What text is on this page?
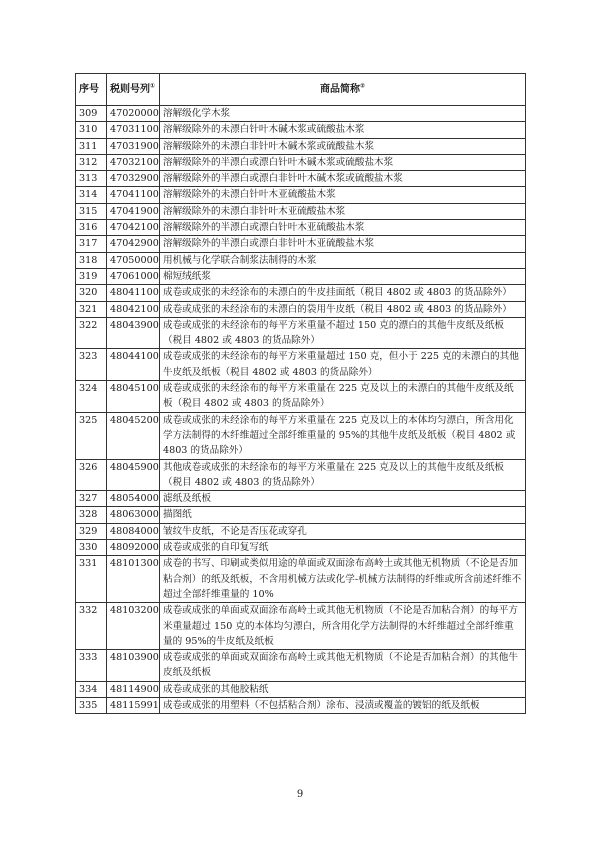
序号	税则号列①	商品简称②
309	47020000	溶解级化学木浆
310	47031100	溶解级除外的未漂白针叶木碱木浆或硫酸盐木浆
311	47031900	溶解级除外的未漂白非针叶木碱木浆或硫酸盐木浆
312	47032100	溶解级除外的半漂白或漂白针叶木碱木浆或硫酸盐木浆
313	47032900	溶解级除外的半漂白或漂白非针叶木碱木浆或硫酸盐木浆
314	47041100	溶解级除外的未漂白针叶木亚硫酸盐木浆
315	47041900	溶解级除外的未漂白非针叶木亚硫酸盐木浆
316	47042100	溶解级除外的半漂白或漂白针叶木亚硫酸盐木浆
317	47042900	溶解级除外的半漂白或漂白非针叶木亚硫酸盐木浆
318	47050000	用机械与化学联合制浆法制得的木浆
319	47061000	棉短绒纸浆
320	48041100	成卷或成张的未经涂布的未漂白的牛皮挂面纸（税目 4802 或 4803 的货品除外）
321	48042100	成卷或成张的未经涂布的未漂白的袋用牛皮纸（税目 4802 或 4803 的货品除外）
322	48043900	成卷或成张的未经涂布的每平方米重量不超过 150 克的漂白的其他牛皮纸及纸板（税目 4802 或 4803 的货品除外）
323	48044100	成卷或成张的未经涂布的每平方米重量超过 150 克，但小于 225 克的未漂白的其他牛皮纸及纸板（税目 4802 或 4803 的货品除外）
324	48045100	成卷或成张的未经涂布的每平方米重量在 225 克及以上的未漂白的其他牛皮纸及纸板（税目 4802 或 4803 的货品除外）
325	48045200	成卷或成张的未经涂布的每平方米重量在 225 克及以上的本体均匀漂白，所含用化学方法制得的木纤维超过全部纤维重量的 95%的其他牛皮纸及纸板（税目 4802 或 4803 的货品除外）
326	48045900	其他成卷或成张的未经涂布的每平方米重量在 225 克及以上的其他牛皮纸及纸板（税目 4802 或 4803 的货品除外）
327	48054000	滤纸及纸板
328	48063000	描图纸
329	48084000	皱纹牛皮纸，不论是否压花或穿孔
330	48092000	成卷或成张的自印复写纸
331	48101300	成卷的书写、印刷或类似用途的单面或双面涂布高岭土或其他无机物质（不论是否加粘合剂）的纸及纸板，不含用机械方法或化学-机械方法制得的纤维或所含前述纤维不超过全部纤维重量的 10%
332	48103200	成卷或成张的单面或双面涂布高岭土或其他无机物质（不论是否加粘合剂）的每平方米重量超过 150 克的本体均匀漂白，所含用化学方法制得的木纤维超过全部纤维重量的 95%的牛皮纸及纸板
333	48103900	成卷或成张的单面或双面涂布高岭土或其他无机物质（不论是否加粘合剂）的其他牛皮纸及纸板
334	48114900	成卷或成张的其他胶粘纸
335	48115991	成卷或成张的用塑料（不包括粘合剂）涂布、浸渍或覆盖的镀铝的纸及纸板
9
